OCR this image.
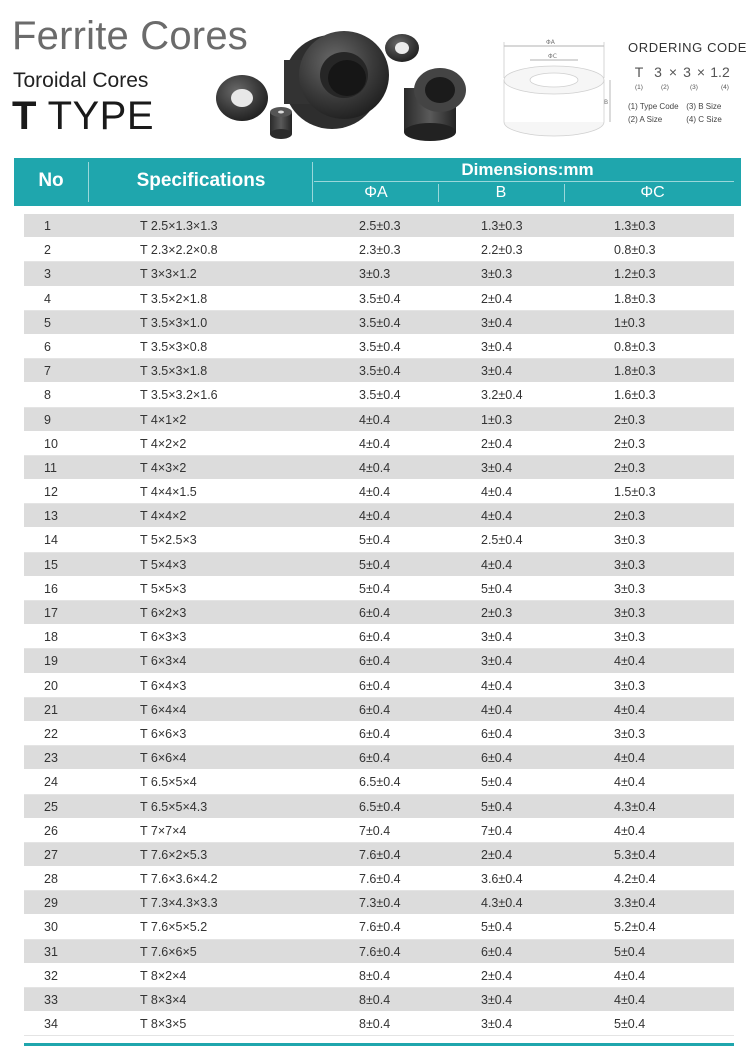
Ferrite Cores
Toroidal Cores
T TYPE
ΦA
ΦC
B
ORDERING CODE
T 3 × 3 × 1.2
(1)	(2)	(3)	(4)
(1) Type Code (3) B Size
(2) A Size	(4) C Size
No	Specifications
Dimensions:mm
ΦA	B	ΦC
1	T 2.5×1.3×1.3	2.5±0.3	1.3±0.3	1.3±0.3
2	T 2.3×2.2×0.8	2.3±0.3	2.2±0.3	0.8±0.3
3	T 3×3×1.2	3±0.3	3±0.3	1.2±0.3
4	T 3.5×2×1.8	3.5±0.4	2±0.4	1.8±0.3
5	T 3.5×3×1.0	3.5±0.4	3±0.4	1±0.3
6	T 3.5×3×0.8	3.5±0.4	3±0.4	0.8±0.3
7	T 3.5×3×1.8	3.5±0.4	3±0.4	1.8±0.3
8	T 3.5×3.2×1.6	3.5±0.4	3.2±0.4	1.6±0.3
9	T 4×1×2	4±0.4	1±0.3	2±0.3
10	T 4×2×2	4±0.4	2±0.4	2±0.3
11	T 4×3×2	4±0.4	3±0.4	2±0.3
12	T 4×4×1.5	4±0.4	4±0.4	1.5±0.3
13	T 4×4×2	4±0.4	4±0.4	2±0.3
14	T 5×2.5×3	5±0.4	2.5±0.4	3±0.3
15	T 5×4×3	5±0.4	4±0.4	3±0.3
16	T 5×5×3	5±0.4	5±0.4	3±0.3
17	T 6×2×3	6±0.4	2±0.3	3±0.3
18	T 6×3×3	6±0.4	3±0.4	3±0.3
19	T 6×3×4	6±0.4	3±0.4	4±0.4
20	T 6×4×3	6±0.4	4±0.4	3±0.3
21	T 6×4×4	6±0.4	4±0.4	4±0.4
22	T 6×6×3	6±0.4	6±0.4	3±0.3
23	T 6×6×4	6±0.4	6±0.4	4±0.4
24	T 6.5×5×4	6.5±0.4	5±0.4	4±0.4
25	T 6.5×5×4.3	6.5±0.4	5±0.4	4.3±0.4
26	T 7×7×4	7±0.4	7±0.4	4±0.4
27	T 7.6×2×5.3	7.6±0.4	2±0.4	5.3±0.4
28	T 7.6×3.6×4.2	7.6±0.4	3.6±0.4	4.2±0.4
29	T 7.3×4.3×3.3	7.3±0.4	4.3±0.4	3.3±0.4
30	T 7.6×5×5.2	7.6±0.4	5±0.4	5.2±0.4
31	T 7.6×6×5	7.6±0.4	6±0.4	5±0.4
32	T 8×2×4	8±0.4	2±0.4	4±0.4
33	T 8×3×4	8±0.4	3±0.4	4±0.4
34	T 8×3×5	8±0.4	3±0.4	5±0.4
